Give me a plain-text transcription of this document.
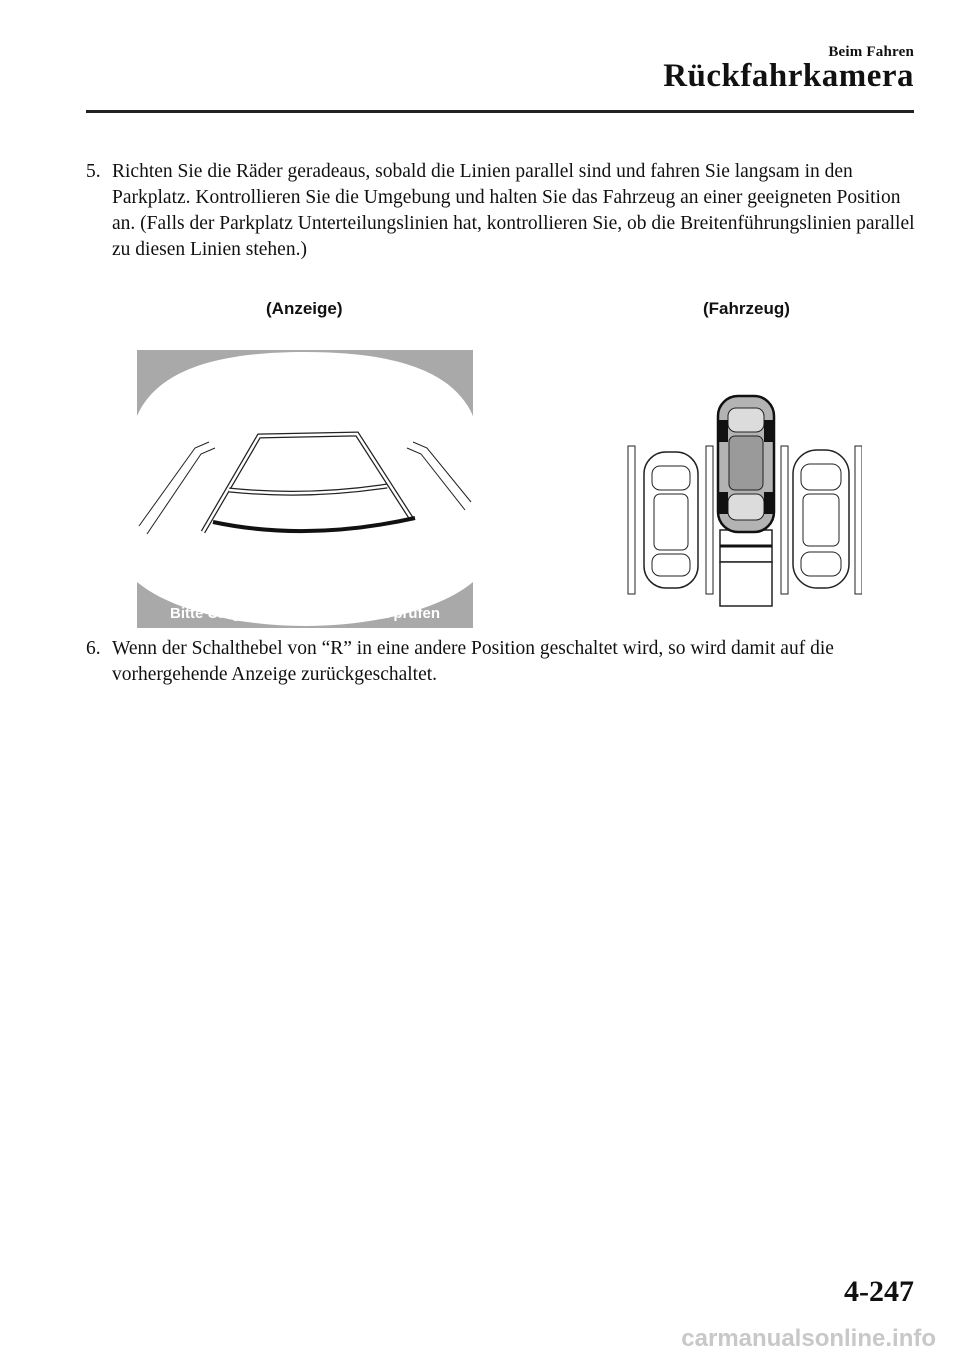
Beim Fahren
Rückfahrkamera
5. Richten Sie die Räder geradeaus, sobald die Linien parallel sind und fahren Sie langsam in den Parkplatz. Kontrollieren Sie die Umgebung und halten Sie das Fahrzeug an einer geeigneten Position an. (Falls der Parkplatz Unterteilungslinien hat, kontrollieren Sie, ob die Breitenführungslinien parallel zu diesen Linien stehen.)
(Anzeige)	(Fahrzeug)
Bitte Umgebung auf Sicherheit prüfen
6. Wenn der Schalthebel von “R” in eine andere Position geschaltet wird, so wird damit auf die vorhergehende Anzeige zurückgeschaltet.
4-247
carmanualsonline.info
